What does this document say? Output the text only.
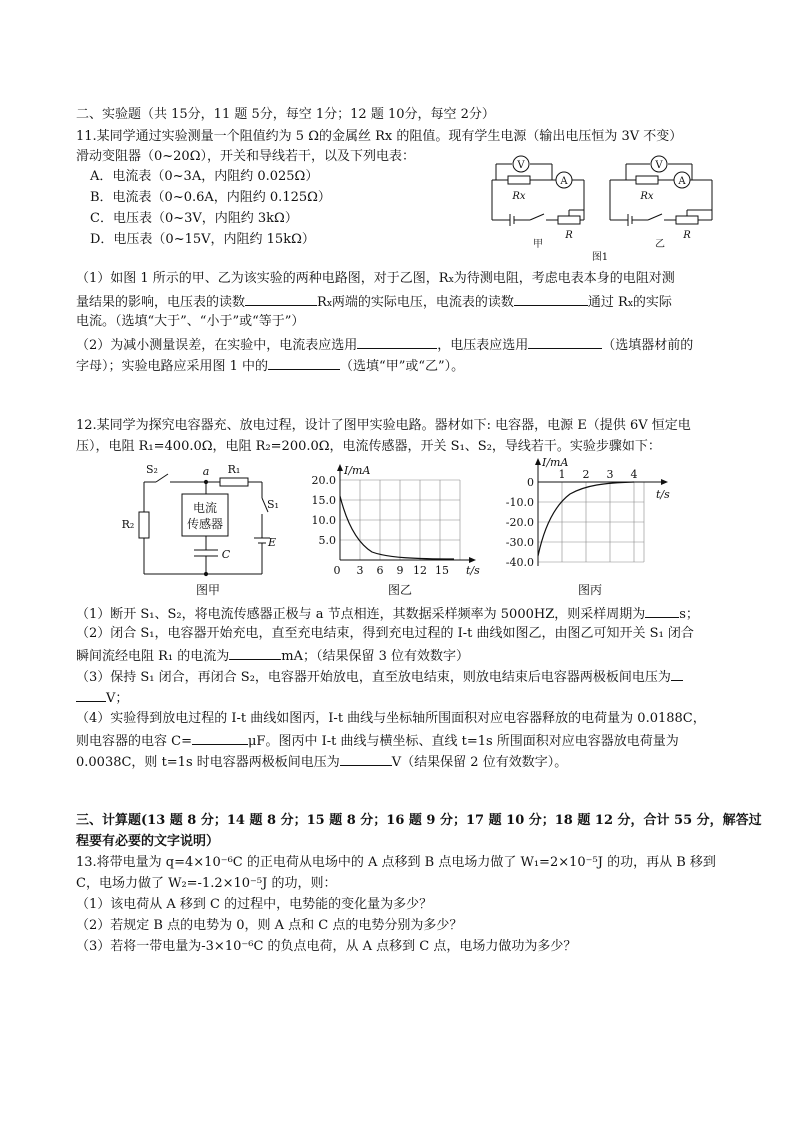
二、实验题（共 15分，11 题 5分，每空 1分；12 题 10分，每空 2分）
11.某同学通过实验测量一个阻值约为 5 Ω的金属丝 Rx 的阻值。现有学生电源（输出电压恒为 3V 不变）
滑动变阻器（0~20Ω），开关和导线若干，以及下列电表：
A．电流表（0~3A，内阻约 0.025Ω）
B．电流表（0~0.6A，内阻约 0.125Ω）
C．电压表（0~3V，内阻约 3kΩ）
D．电压表（0~15V，内阻约 15kΩ）
V
A
Rx
R
甲
V
A
Rx
R
乙
图1
（1）如图 1 所示的甲、乙为该实验的两种电路图，对于乙图，Rx为待测电阻，考虑电表本身的电阻对测
量结果的影响，电压表的读数	Rx两端的实际电压，电流表的读数	通过 Rx的实际
电流。（选填“大于”、“小于”或“等于”）
（2）为减小测量误差，在实验中，电流表应选用	，电压表应选用	（选填器材前的
字母）；实验电路应采用图 1 中的	（选填“甲”或“乙”）。
12.某同学为探究电容器充、放电过程，设计了图甲实验电路。器材如下: 电容器，电源 E（提供 6V 恒定电
压），电阻 R₁=400.0Ω，电阻 R₂=200.0Ω，电流传感器，开关 S₁、S₂，导线若干。实验步骤如下：
S₂	a R₁
S₁
R₂
电流
传感器
C
E
图甲
I/mA
t/s
20.0
15.0
10.0
5.0
0 3 6 9 12 15
图乙
I/mA
t/s
1 2 3 4
0
-10.0
-20.0
-30.0
-40.0
图丙
（1）断开 S₁、S₂，将电流传感器正极与 a 节点相连，其数据采样频率为 5000HZ，则采样周期为	s；
（2）闭合 S₁，电容器开始充电，直至充电结束，得到充电过程的 I-t 曲线如图乙，由图乙可知开关 S₁ 闭合
瞬间流经电阻 R₁ 的电流为	mA；（结果保留 3 位有效数字）
（3）保持 S₁ 闭合，再闭合 S₂，电容器开始放电，直至放电结束，则放电结束后电容器两极板间电压为
V；
（4）实验得到放电过程的 I-t 曲线如图丙，I-t 曲线与坐标轴所围面积对应电容器释放的电荷量为 0.0188C，
则电容器的电容 C=	μF。图丙中 I-t 曲线与横坐标、直线 t=1s 所围面积对应电容器放电荷量为
0.0038C，则 t=1s 时电容器两极板间电压为	V（结果保留 2 位有效数字）。
三、计算题(13 题 8 分；14 题 8 分；15 题 8 分；16 题 9 分；17 题 10 分；18 题 12 分，合计 55 分，解答过
程要有必要的文字说明）
13.将带电量为 q=4×10⁻⁶C 的正电荷从电场中的 A 点移到 B 点电场力做了 W₁=2×10⁻⁵J 的功，再从 B 移到
C，电场力做了 W₂=-1.2×10⁻⁵J 的功，则：
（1）该电荷从 A 移到 C 的过程中，电势能的变化量为多少？
（2）若规定 B 点的电势为 0，则 A 点和 C 点的电势分别为多少？
（3）若将一带电量为-3×10⁻⁶C 的负点电荷，从 A 点移到 C 点，电场力做功为多少？
